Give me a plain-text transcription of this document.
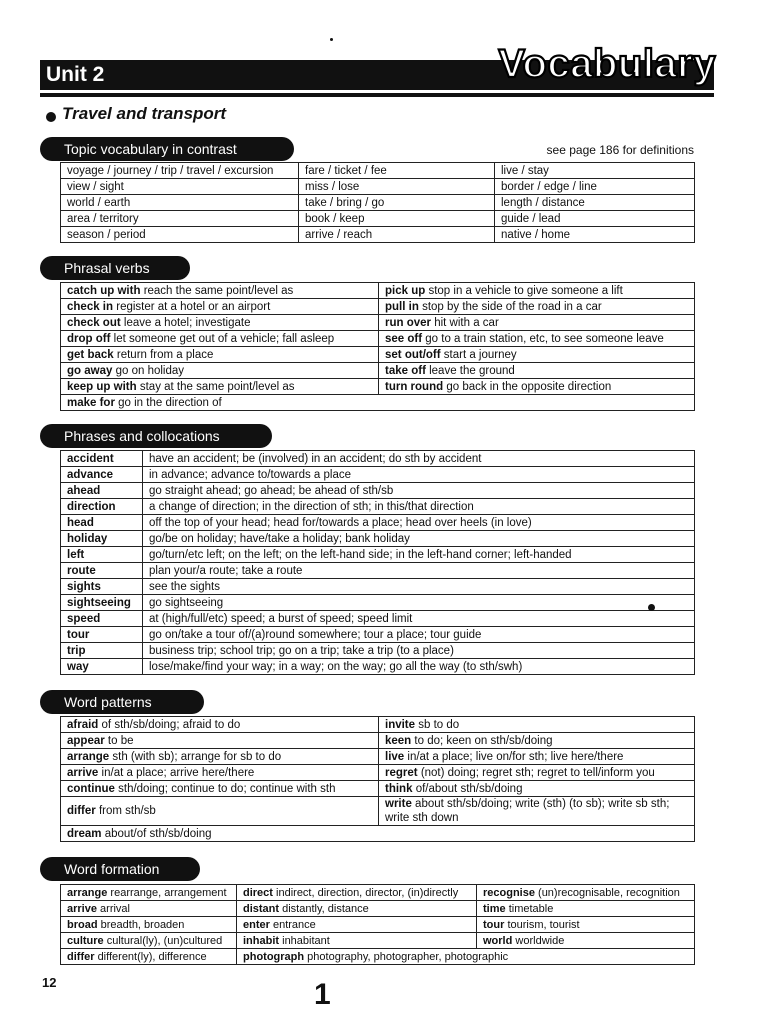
Unit 2	Vocabulary
Travel and transport
Topic vocabulary in contrast	see page 186 for definitions
voyage / journey / trip / travel / excursion	fare / ticket / fee	live / stay
view / sight	miss / lose	border / edge / line
world / earth	take / bring / go	length / distance
area / territory	book / keep	guide / lead
season / period	arrive / reach	native / home
Phrasal verbs
catch up with reach the same point/level as	pick up stop in a vehicle to give someone a lift
check in register at a hotel or an airport	pull in stop by the side of the road in a car
check out leave a hotel; investigate	run over hit with a car
drop off let someone get out of a vehicle; fall asleep	see off go to a train station, etc, to see someone leave
get back return from a place	set out/off start a journey
go away go on holiday	take off leave the ground
keep up with stay at the same point/level as	turn round go back in the opposite direction
make for go in the direction of	
Phrases and collocations
accident	have an accident; be (involved) in an accident; do sth by accident
advance	in advance; advance to/towards a place
ahead	go straight ahead; go ahead; be ahead of sth/sb
direction	a change of direction; in the direction of sth; in this/that direction
head	off the top of your head; head for/towards a place; head over heels (in love)
holiday	go/be on holiday; have/take a holiday; bank holiday
left	go/turn/etc left; on the left; on the left-hand side; in the left-hand corner; left-handed
route	plan your/a route; take a route
sights	see the sights
sightseeing	go sightseeing
speed	at (high/full/etc) speed; a burst of speed; speed limit
tour	go on/take a tour of/(a)round somewhere; tour a place; tour guide
trip	business trip; school trip; go on a trip; take a trip (to a place)
way	lose/make/find your way; in a way; on the way; go all the way (to sth/swh)
Word patterns
afraid of sth/sb/doing; afraid to do	invite sb to do
appear to be	keen to do; keen on sth/sb/doing
arrange sth (with sb); arrange for sb to do	live in/at a place; live on/for sth; live here/there
arrive in/at a place; arrive here/there	regret (not) doing; regret sth; regret to tell/inform you
continue sth/doing; continue to do; continue with sth	think of/about sth/sb/doing
differ from sth/sb	write about sth/sb/doing; write (sth) (to sb); write sb sth; write sth down
dream about/of sth/sb/doing	
Word formation
arrange rearrange, arrangement	direct indirect, direction, director, (in)directly	recognise (un)recognisable, recognition
arrive arrival	distant distantly, distance	time timetable
broad breadth, broaden	enter entrance	tour tourism, tourist
culture cultural(ly), (un)cultured	inhabit inhabitant	world worldwide
differ different(ly), difference	photograph photography, photographer, photographic	
12	1
